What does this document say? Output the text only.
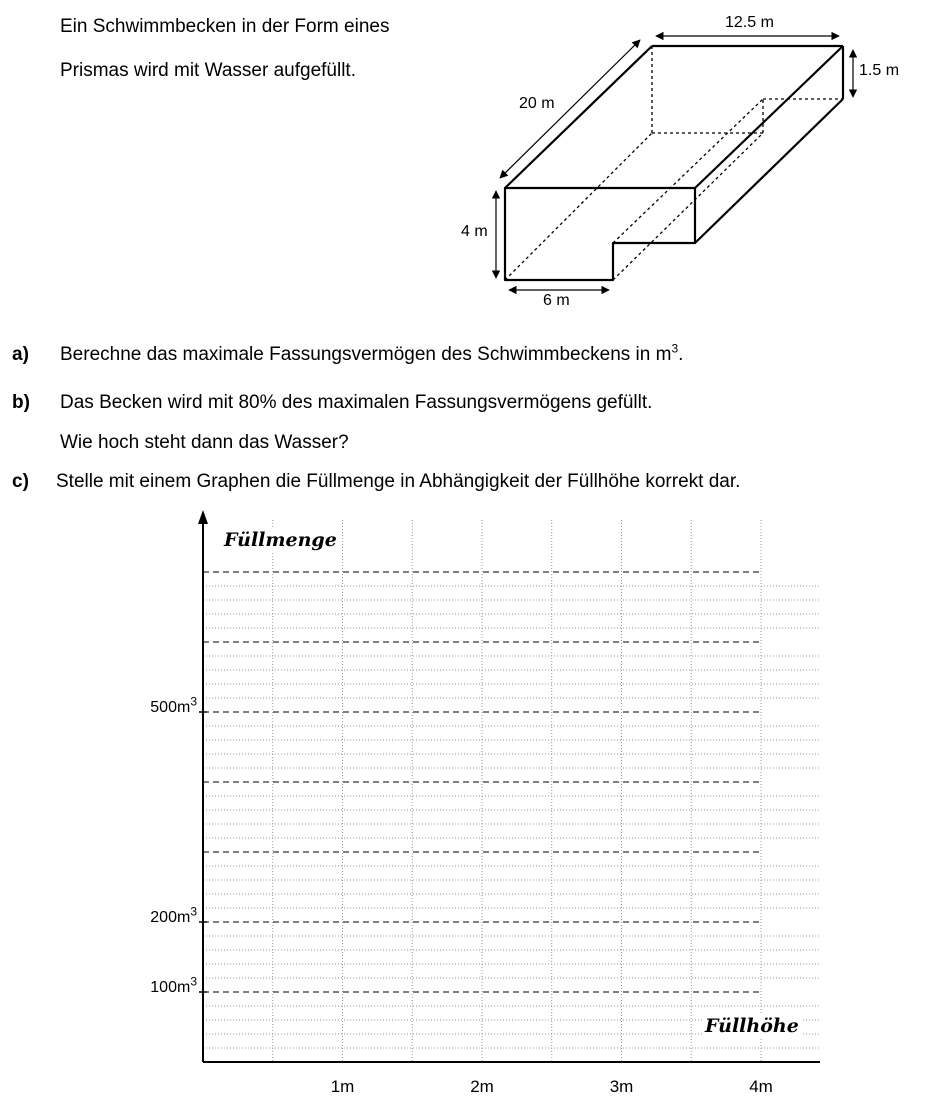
Ein Schwimmbecken in der Form eines
Prismas wird mit Wasser aufgefüllt.
12.5 m
1.5 m
20 m
4 m
6 m
a) Berechne das maximale Fassungsvermögen des Schwimmbeckens in $m^3$.
b) Das Becken wird mit 80% des maximalen Fassungsvermögens gefüllt.
Wie hoch steht dann das Wasser?
c) Stelle mit einem Graphen die Füllmenge in Abhängigkeit der Füllhöhe korrekt dar.
Füllmenge
Füllhöhe
$100m^3$
$200m^3$
$500m^3$
1m	2m	3m	4m
